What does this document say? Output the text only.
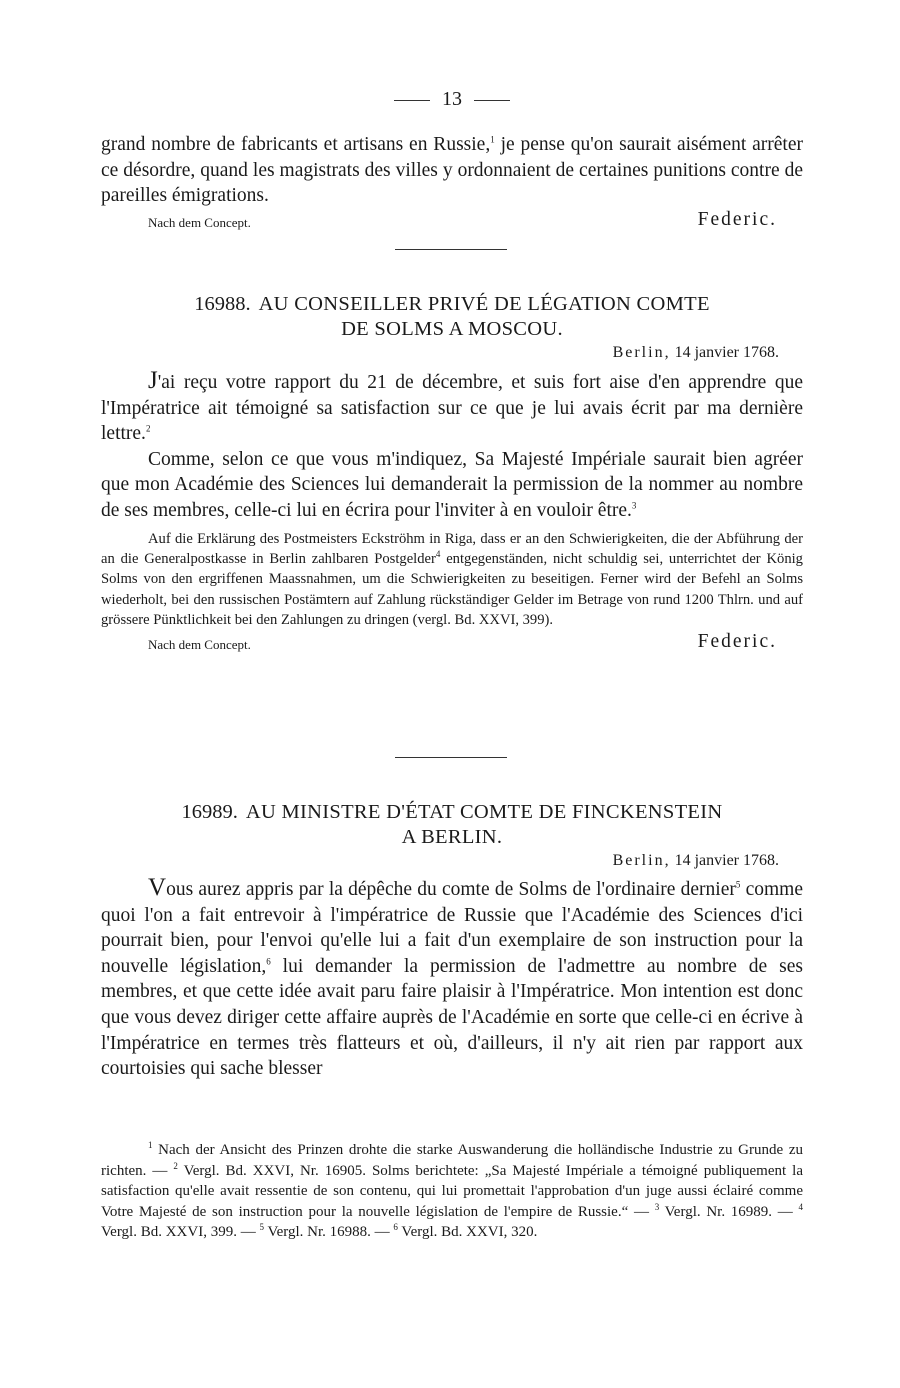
13

grand nombre de fabricants et artisans en Russie,$^1$ je pense qu'on saurait aisément arrêter ce désordre, quand les magistrats des villes y ordonnaient de certaines punitions contre de pareilles émigrations.

Nach dem Concept.	Federic.

16988. AU CONSEILLER PRIVÉ DE LÉGATION COMTE

DE SOLMS A MOSCOU.

Berlin, 14 janvier 1768.

J'ai reçu votre rapport du 21 de décembre, et suis fort aise d'en apprendre que l'Impératrice ait témoigné sa satisfaction sur ce que je lui avais écrit par ma dernière lettre.$^2$

Comme, selon ce que vous m'indiquez, Sa Majesté Impériale saurait bien agréer que mon Académie des Sciences lui demanderait la permission de la nommer au nombre de ses membres, celle-ci lui en écrira pour l'inviter à en vouloir être.$^3$

Auf die Erklärung des Postmeisters Eckströhm in Riga, dass er an den Schwierigkeiten, die der Abführung der an die Generalpostkasse in Berlin zahlbaren Postgelder$^4$ entgegenständen, nicht schuldig sei, unterrichtet der König Solms von den ergriffenen Maassnahmen, um die Schwierigkeiten zu beseitigen. Ferner wird der Befehl an Solms wiederholt, bei den russischen Postämtern auf Zahlung rückständiger Gelder im Betrage von rund 1200 Thlrn. und auf grössere Pünktlichkeit bei den Zahlungen zu dringen (vergl. Bd. XXVI, 399).

Nach dem Concept.	Federic.

16989. AU MINISTRE D'ÉTAT COMTE DE FINCKENSTEIN

A BERLIN.

Berlin, 14 janvier 1768.

Vous aurez appris par la dépêche du comte de Solms de l'ordinaire dernier$^5$ comme quoi l'on a fait entrevoir à l'impératrice de Russie que l'Académie des Sciences d'ici pourrait bien, pour l'envoi qu'elle lui a fait d'un exemplaire de son instruction pour la nouvelle législation,$^6$ lui demander la permission de l'admettre au nombre de ses membres, et que cette idée avait paru faire plaisir à l'Impératrice. Mon intention est donc que vous devez diriger cette affaire auprès de l'Académie en sorte que celle-ci en écrive à l'Impératrice en termes très flatteurs et où, d'ailleurs, il n'y ait rien par rapport aux courtoisies qui sache blesser

$^1$ Nach der Ansicht des Prinzen drohte die starke Auswanderung die holländische Industrie zu Grunde zu richten. — $^2$ Vergl. Bd. XXVI, Nr. 16905. Solms berichtete: „Sa Majesté Impériale a témoigné publiquement la satisfaction qu'elle avait ressentie de son contenu, qui lui promettait l'approbation d'un juge aussi éclairé comme Votre Majesté de son instruction pour la nouvelle législation de l'empire de Russie.“ — $^3$ Vergl. Nr. 16989. — $^4$ Vergl. Bd. XXVI, 399. — $^5$ Vergl. Nr. 16988. — $^6$ Vergl. Bd. XXVI, 320.
